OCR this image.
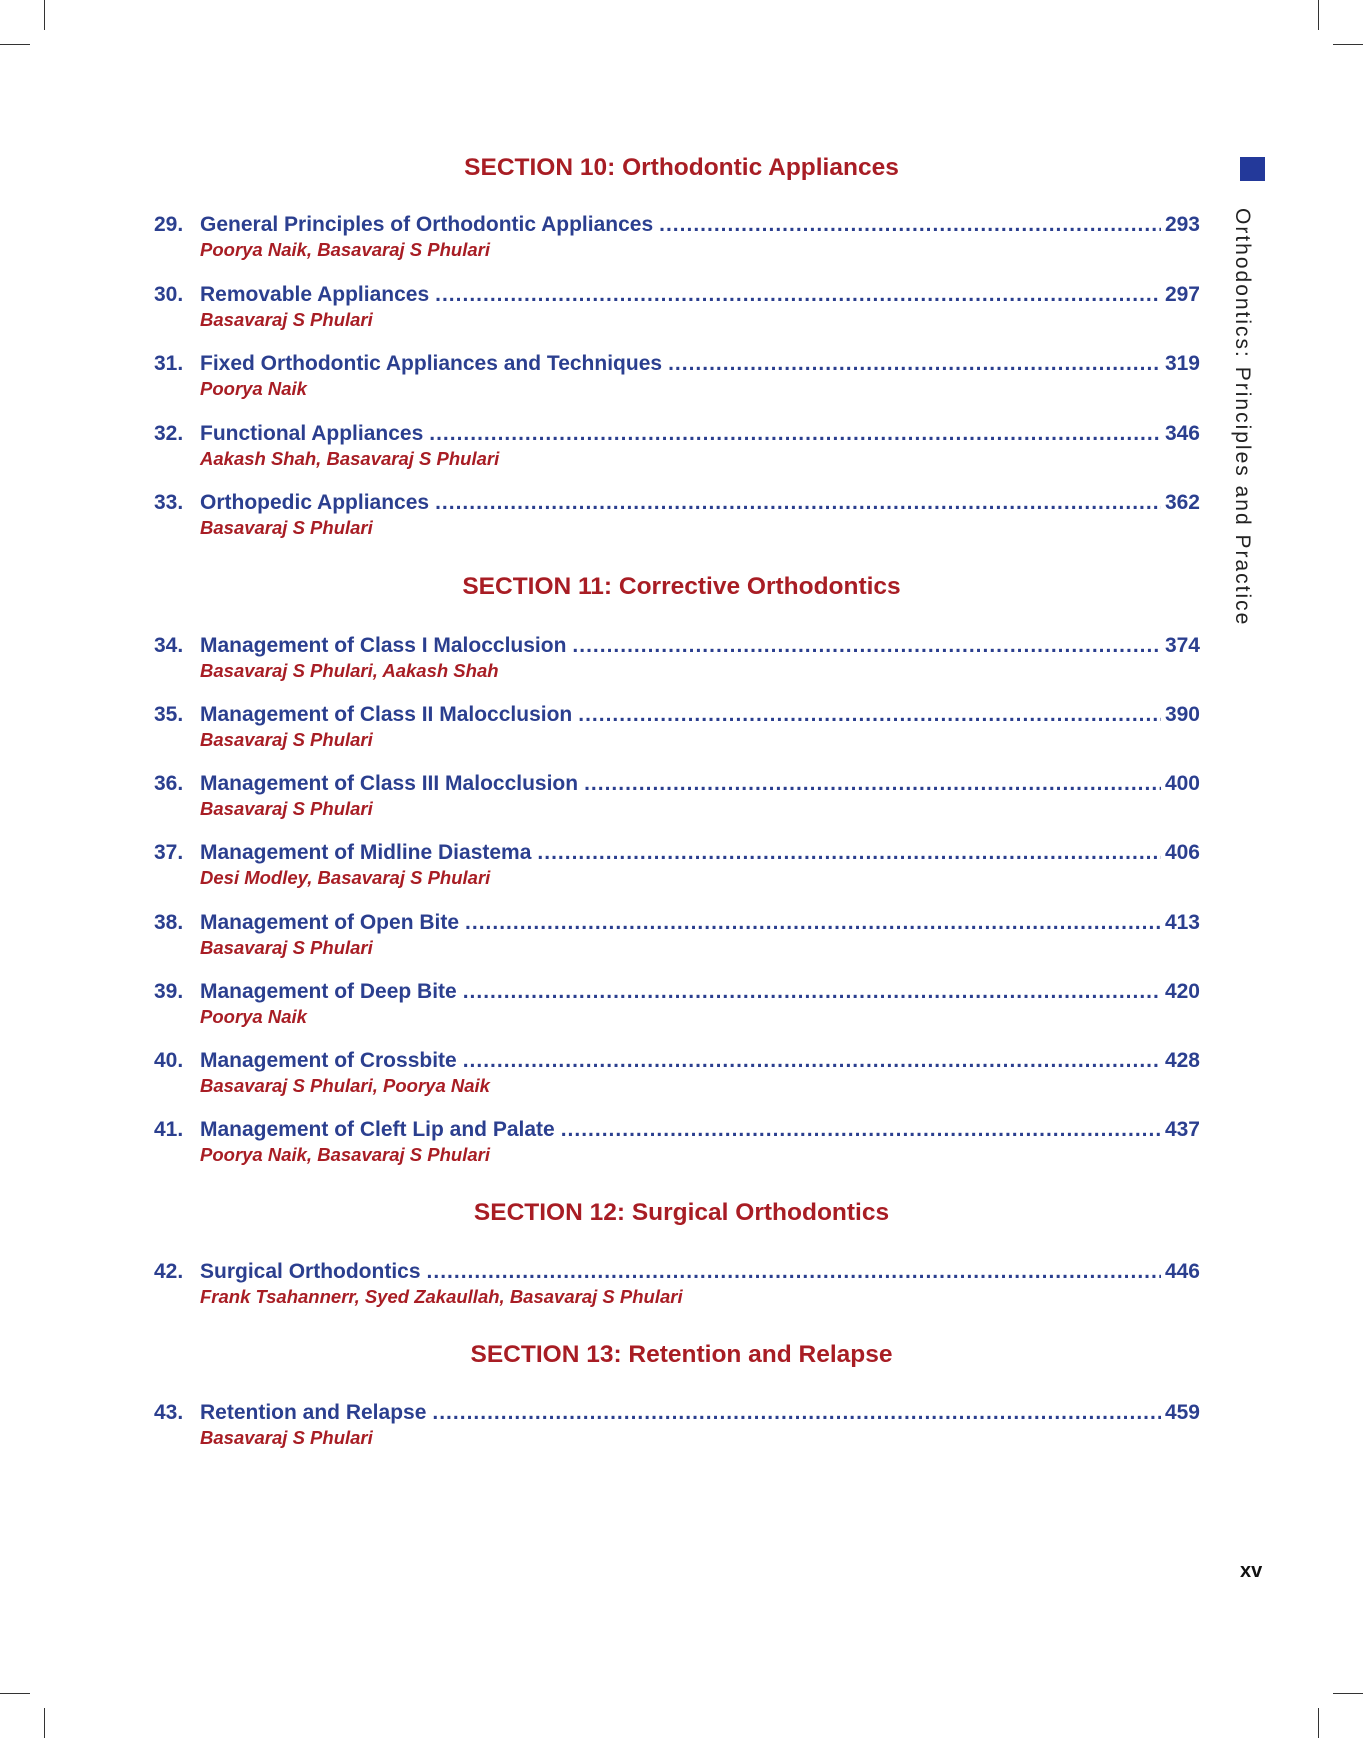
Orthodontics: Principles and Practice
SECTION 10: Orthodontic Appliances
29. General Principles of Orthodontic Appliances .....	293
Poorya Naik, Basavaraj S Phulari
30. Removable Appliances .....	297
Basavaraj S Phulari
31. Fixed Orthodontic Appliances and Techniques .....	319
Poorya Naik
32. Functional Appliances .....	346
Aakash Shah, Basavaraj S Phulari
33. Orthopedic Appliances .....	362
Basavaraj S Phulari
SECTION 11: Corrective Orthodontics
34. Management of Class I Malocclusion .....	374
Basavaraj S Phulari, Aakash Shah
35. Management of Class II Malocclusion .....	390
Basavaraj S Phulari
36. Management of Class III Malocclusion .....	400
Basavaraj S Phulari
37. Management of Midline Diastema .....	406
Desi Modley, Basavaraj S Phulari
38. Management of Open Bite .....	413
Basavaraj S Phulari
39. Management of Deep Bite .....	420
Poorya Naik
40. Management of Crossbite .....	428
Basavaraj S Phulari, Poorya Naik
41. Management of Cleft Lip and Palate .....	437
Poorya Naik, Basavaraj S Phulari
SECTION 12: Surgical Orthodontics
42. Surgical Orthodontics .....	446
Frank Tsahannerr, Syed Zakaullah, Basavaraj S Phulari
SECTION 13: Retention and Relapse
43. Retention and Relapse .....	459
Basavaraj S Phulari
xv
